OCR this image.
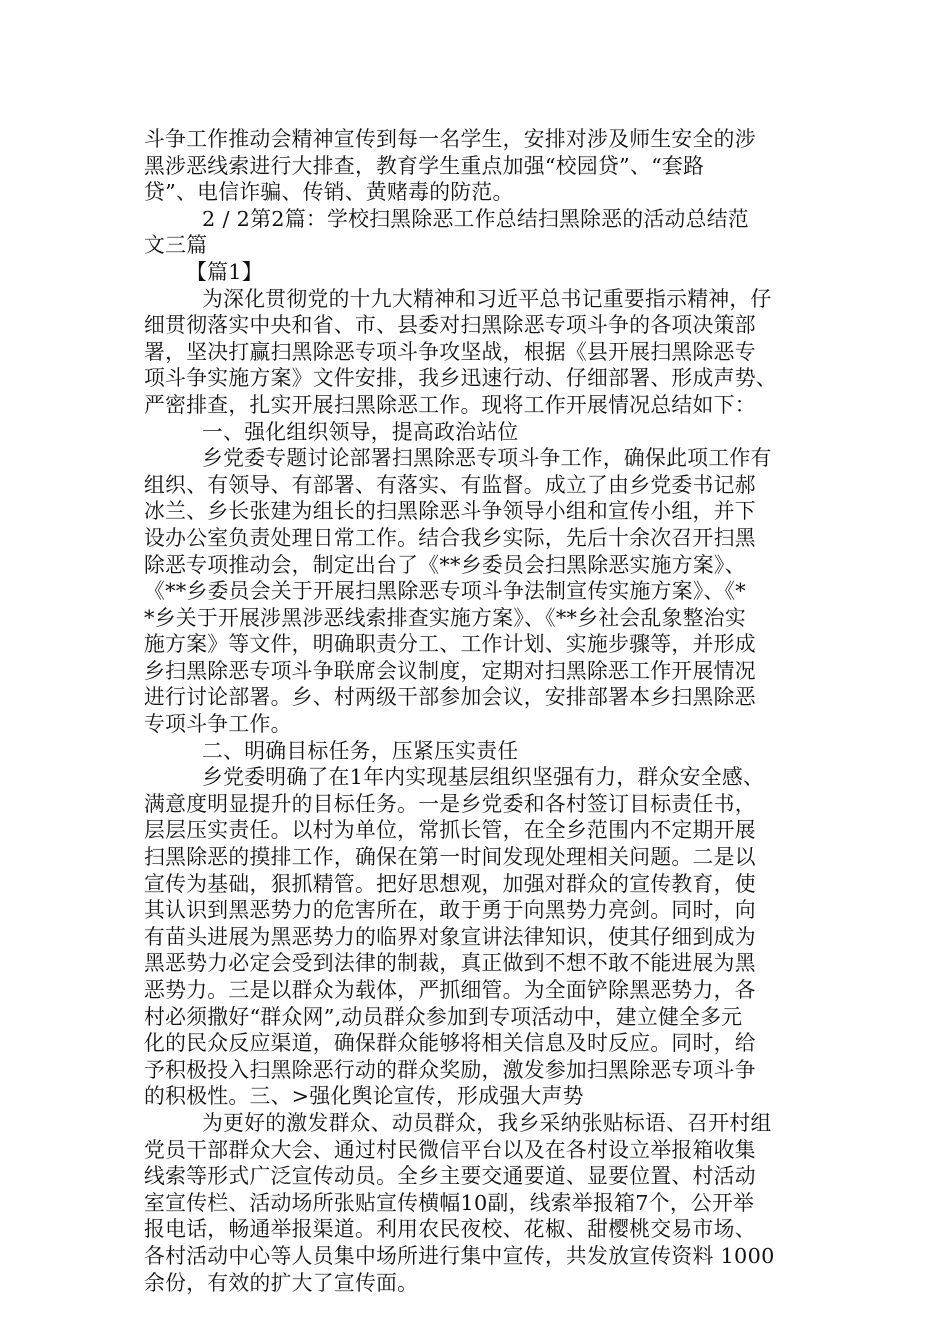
斗争工作推动会精神宣传到每一名学生，安排对涉及师生安全的涉
黑涉恶线索进行大排查，教育学生重点加强“校园贷”、“套路
贷”、电信诈骗、传销、黄赌毒的防范。
2 / 2第2篇：学校扫黑除恶工作总结扫黑除恶的活动总结范
文三篇
【篇1】
为深化贯彻党的十九大精神和习近平总书记重要指示精神，仔
细贯彻落实中央和省、市、县委对扫黑除恶专项斗争的各项决策部
署，坚决打赢扫黑除恶专项斗争攻坚战，根据《县开展扫黑除恶专
项斗争实施方案》文件安排，我乡迅速行动、仔细部署、形成声势、
严密排查，扎实开展扫黑除恶工作。现将工作开展情况总结如下：
一、强化组织领导，提高政治站位
乡党委专题讨论部署扫黑除恶专项斗争工作，确保此项工作有
组织、有领导、有部署、有落实、有监督。成立了由乡党委书记郝
冰兰、乡长张建为组长的扫黑除恶斗争领导小组和宣传小组，并下
设办公室负责处理日常工作。结合我乡实际，先后十余次召开扫黑
除恶专项推动会，制定出台了《**乡委员会扫黑除恶实施方案》、
《**乡委员会关于开展扫黑除恶专项斗争法制宣传实施方案》、《*
*乡关于开展涉黑涉恶线索排查实施方案》、《**乡社会乱象整治实
施方案》等文件，明确职责分工、工作计划、实施步骤等，并形成
乡扫黑除恶专项斗争联席会议制度，定期对扫黑除恶工作开展情况
进行讨论部署。乡、村两级干部参加会议，安排部署本乡扫黑除恶
专项斗争工作。
二、明确目标任务，压紧压实责任
乡党委明确了在1年内实现基层组织坚强有力，群众安全感、
满意度明显提升的目标任务。一是乡党委和各村签订目标责任书，
层层压实责任。以村为单位，常抓长管，在全乡范围内不定期开展
扫黑除恶的摸排工作，确保在第一时间发现处理相关问题。二是以
宣传为基础，狠抓精管。把好思想观，加强对群众的宣传教育，使
其认识到黑恶势力的危害所在，敢于勇于向黑势力亮剑。同时，向
有苗头进展为黑恶势力的临界对象宣讲法律知识，使其仔细到成为
黑恶势力必定会受到法律的制裁，真正做到不想不敢不能进展为黑
恶势力。三是以群众为载体，严抓细管。为全面铲除黑恶势力，各
村必须撒好“群众网”,动员群众参加到专项活动中，建立健全多元
化的民众反应渠道，确保群众能够将相关信息及时反应。同时，给
予积极投入扫黑除恶行动的群众奖励，激发参加扫黑除恶专项斗争
的积极性。三、>强化舆论宣传，形成强大声势
为更好的激发群众、动员群众，我乡采纳张贴标语、召开村组
党员干部群众大会、通过村民微信平台以及在各村设立举报箱收集
线索等形式广泛宣传动员。全乡主要交通要道、显要位置、村活动
室宣传栏、活动场所张贴宣传横幅10副，线索举报箱7个，公开举
报电话，畅通举报渠道。利用农民夜校、花椒、甜樱桃交易市场、
各村活动中心等人员集中场所进行集中宣传，共发放宣传资料 1000
余份，有效的扩大了宣传面。
